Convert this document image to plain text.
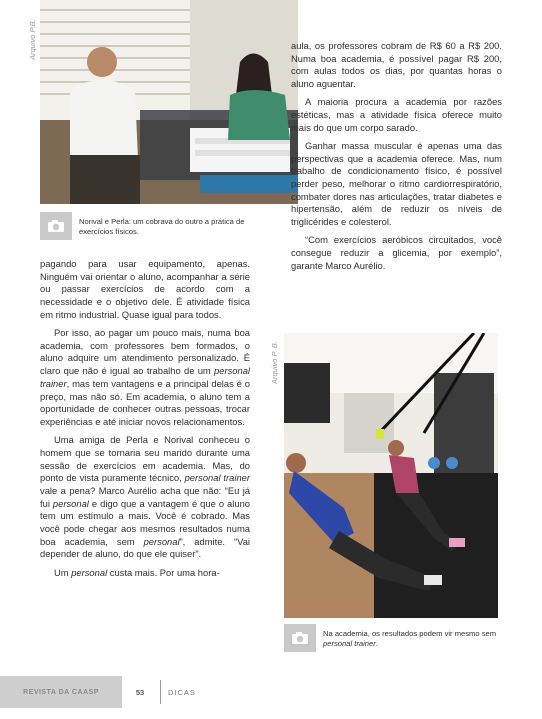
Arquivo P.B.
Arquivo P. B.
Norival e Perla: um cobrava do outro a prática de exercícios físicos.

pagando para usar equipamento, apenas. Ninguém vai orientar o aluno, acompanhar a série ou passar exercícios de acordo com a necessidade e o objetivo dele. É atividade física em ritmo industrial. Quase igual para todos.

Por isso, ao pagar um pouco mais, numa boa academia, com professores bem formados, o aluno adquire um atendimento personalizado. É claro que não é igual ao trabalho de um personal trainer, mas tem vantagens e a principal delas é o preço, mas não só. Em academia, o aluno tem a oportunidade de conhecer outras pessoas, trocar experiências e até iniciar novos relacionamentos.

Uma amiga de Perla e Norival conheceu o homem que se tornaria seu marido durante uma sessão de exercícios em academia. Mas, do ponto de vista puramente técnico, personal trainer vale a pena? Marco Aurélio acha que não: “Eu já fui personal e digo que a vantagem é que o aluno tem um estímulo a mais. Você é cobrado. Mas você pode chegar aos mesmos resultados numa boa academia, sem personal”, admite. “Vai depender de aluno, do que ele quiser”.

Um personal custa mais. Por uma hora-

aula, os professores cobram de R$ 60 a R$ 200. Numa boa academia, é possível pagar R$ 200, com aulas todos os dias, por quantas horas o aluno aguentar.

A maioria procura a academia por razões estéticas, mas a atividade física oferece muito mais do que um corpo sarado.

Ganhar massa muscular é apenas uma das perspectivas que a academia oferece. Mas, num trabalho de condicionamento físico, é possível perder peso, melhorar o ritmo cardiorrespiratório, combater dores nas articulações, tratar diabetes e hipertensão, além de reduzir os níveis de triglicérides e colesterol.

“Com exercícios aeróbicos circuitados, você consegue reduzir a glicemia, por exemplo”, garante Marco Aurélio.

Na academia, os resultados podem vir mesmo sem personal trainer.
REVISTA DA CAASP	53	DICAS
